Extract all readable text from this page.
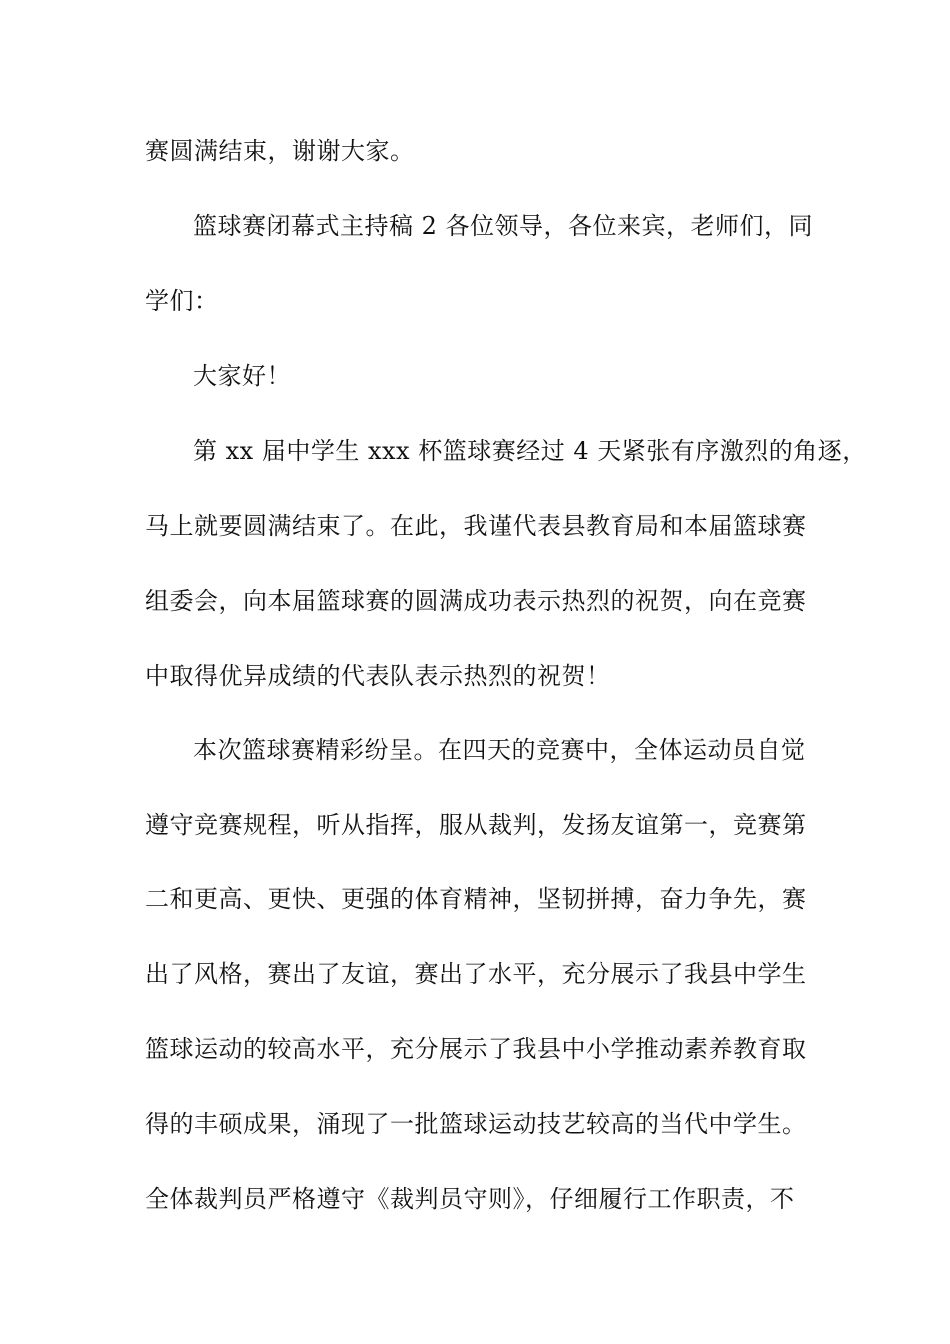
赛圆满结束，谢谢大家。
篮球赛闭幕式主持稿 2 各位领导，各位来宾，老师们，同
学们：
大家好！
第 xx 届中学生 xxx 杯篮球赛经过 4 天紧张有序激烈的角逐，
马上就要圆满结束了。在此，我谨代表县教育局和本届篮球赛
组委会，向本届篮球赛的圆满成功表示热烈的祝贺，向在竞赛
中取得优异成绩的代表队表示热烈的祝贺！
本次篮球赛精彩纷呈。在四天的竞赛中，全体运动员自觉
遵守竞赛规程，听从指挥，服从裁判，发扬友谊第一，竞赛第
二和更高、更快、更强的体育精神，坚韧拼搏，奋力争先，赛
出了风格，赛出了友谊，赛出了水平，充分展示了我县中学生
篮球运动的较高水平，充分展示了我县中小学推动素养教育取
得的丰硕成果，涌现了一批篮球运动技艺较高的当代中学生。
全体裁判员严格遵守《裁判员守则》，仔细履行工作职责，不
